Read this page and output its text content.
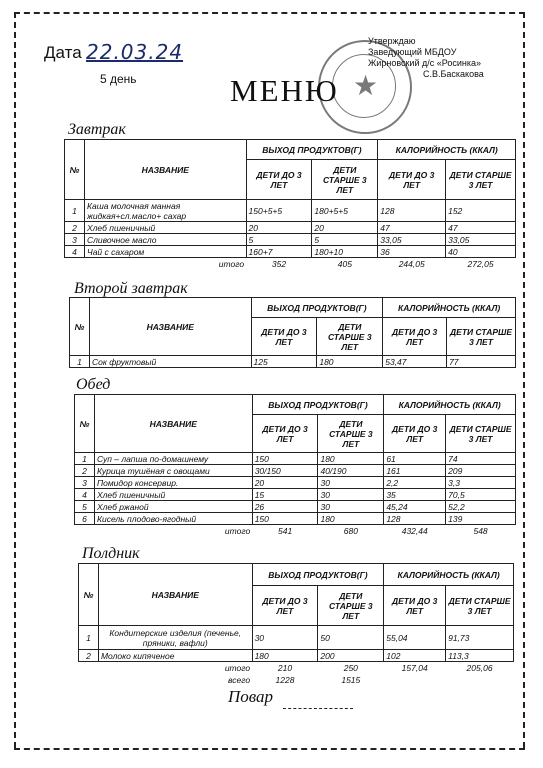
Дата 22.03.24
5 день	★
МЕНЮ
Утверждаю
Заведующий МБДОУ
Жирновский д/с «Росинка»
С.В.Баскакова
Завтрак
№	НАЗВАНИЕ	ВЫХОД ПРОДУКТОВ(Г)		КАЛОРИЙНОСТЬ (ККАЛ)	
		ДЕТИ ДО 3 ЛЕТ	ДЕТИ СТАРШЕ 3 ЛЕТ	ДЕТИ ДО 3 ЛЕТ	ДЕТИ СТАРШЕ 3 ЛЕТ
1	Каша молочная манная жидкая+сл.масло+ сахар	150+5+5	180+5+5	128	152
2	Хлеб пшеничный	20	20	47	47
3	Сливочное масло	5	5	33,05	33,05
4	Чай с сахаром	160+7	180+10	36	40
	итого	352	405	244,05	272,05
Второй завтрак
№	НАЗВАНИЕ	ВЫХОД ПРОДУКТОВ(Г)		КАЛОРИЙНОСТЬ (ККАЛ)	
		ДЕТИ ДО 3 ЛЕТ	ДЕТИ СТАРШЕ 3 ЛЕТ	ДЕТИ ДО 3 ЛЕТ	ДЕТИ СТАРШЕ 3 ЛЕТ
1	Сок фруктовый	125	180	53,47	77
Обед
№	НАЗВАНИЕ	ВЫХОД ПРОДУКТОВ(Г)		КАЛОРИЙНОСТЬ (ККАЛ)	
		ДЕТИ ДО 3 ЛЕТ	ДЕТИ СТАРШЕ 3 ЛЕТ	ДЕТИ ДО 3 ЛЕТ	ДЕТИ СТАРШЕ 3 ЛЕТ
1	Суп – лапша по-домашнему	150	180	61	74
2	Курица тушёная с овощами	30/150	40/190	161	209
3	Помидор консервир.	20	30	2,2	3,3
4	Хлеб пшеничный	15	30	35	70,5
5	Хлеб ржаной	26	30	45,24	52,2
6	Кисель плодово-ягодный	150	180	128	139
	итого	541	680	432,44	548
Полдник
№	НАЗВАНИЕ	ВЫХОД ПРОДУКТОВ(Г)		КАЛОРИЙНОСТЬ (ККАЛ)	
		ДЕТИ ДО 3 ЛЕТ	ДЕТИ СТАРШЕ 3 ЛЕТ	ДЕТИ ДО 3 ЛЕТ	ДЕТИ СТАРШЕ 3 ЛЕТ
1	Кондитерские изделия (печенье, пряники, вафли)	30	50	55,04	91,73
2	Молоко кипяченое	180	200	102	113,3
	итого	210	250	157,04	205,06
	всего	1228	1515		
Повар
